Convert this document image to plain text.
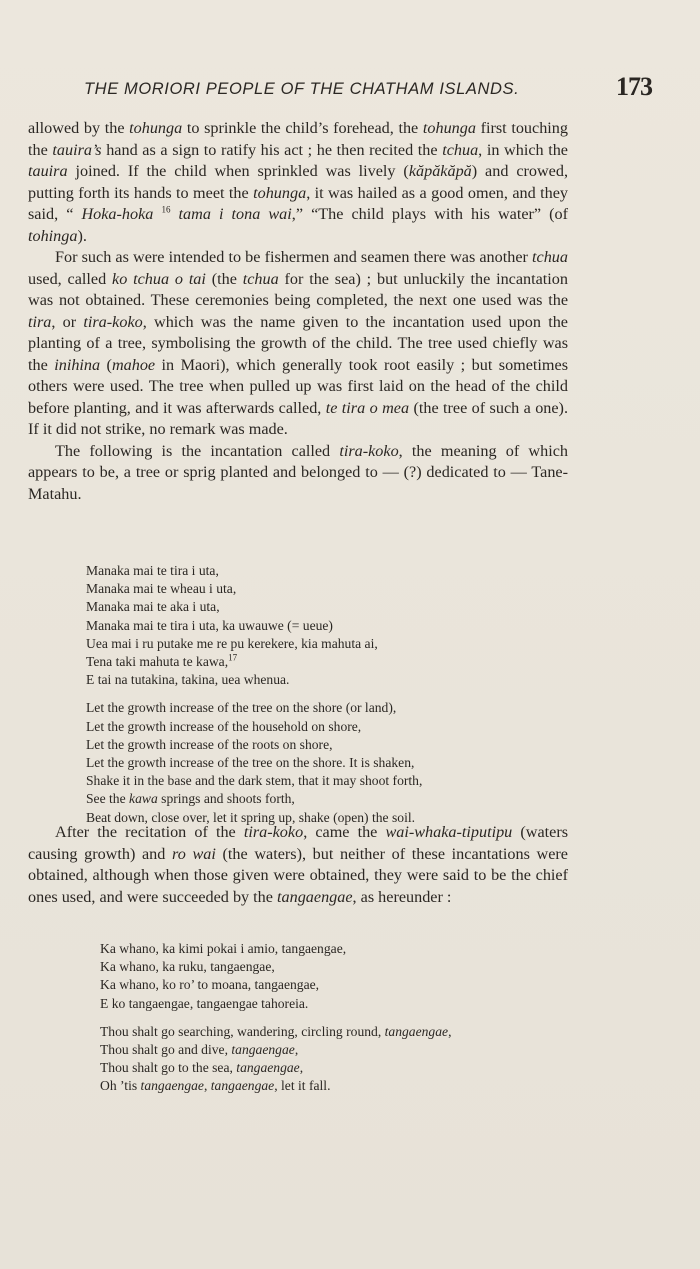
THE MORIORI PEOPLE OF THE CHATHAM ISLANDS.	173

allowed by the tohunga to sprinkle the child’s forehead, the tohunga first touching the tauira’s hand as a sign to ratify his act ; he then recited the tchua, in which the tauira joined. If the child when sprinkled was lively (kăpăkăpă) and crowed, putting forth its hands to meet the tohunga, it was hailed as a good omen, and they said, “ Hoka-hoka $^{16}$ tama i tona wai,” “The child plays with his water” (of tohinga).

For such as were intended to be fishermen and seamen there was another tchua used, called ko tchua o tai (the tchua for the sea) ; but unluckily the incantation was not obtained. These ceremonies being completed, the next one used was the tira, or tira-koko, which was the name given to the incantation used upon the planting of a tree, symbolising the growth of the child. The tree used chiefly was the inihina (mahoe in Maori), which generally took root easily ; but sometimes others were used. The tree when pulled up was first laid on the head of the child before planting, and it was afterwards called, te tira o mea (the tree of such a one). If it did not strike, no remark was made.

The following is the incantation called tira-koko, the meaning of which appears to be, a tree or sprig planted and belonged to — (?) dedicated to — Tane-Matahu.

Manaka mai te tira i uta,
Manaka mai te wheau i uta,
Manaka mai te aka i uta,
Manaka mai te tira i uta, ka uwauwe (= ueue)
Uea mai i ru putake me re pu kerekere, kia mahuta ai,
Tena taki mahuta te kawa,$^{17}$
E tai na tutakina, takina, uea whenua.
Let the growth increase of the tree on the shore (or land),
Let the growth increase of the household on shore,
Let the growth increase of the roots on shore,
Let the growth increase of the tree on the shore. It is shaken,
Shake it in the base and the dark stem, that it may shoot forth,
See the kawa springs and shoots forth,
Beat down, close over, let it spring up, shake (open) the soil.

After the recitation of the tira-koko, came the wai-whaka-tiputipu (waters causing growth) and ro wai (the waters), but neither of these incantations were obtained, although when those given were obtained, they were said to be the chief ones used, and were succeeded by the tangaengae, as hereunder :

Ka whano, ka kimi pokai i amio, tangaengae,
Ka whano, ka ruku, tangaengae,
Ka whano, ko ro’ to moana, tangaengae,
E ko tangaengae, tangaengae tahoreia.
Thou shalt go searching, wandering, circling round, tangaengae,
Thou shalt go and dive, tangaengae,
Thou shalt go to the sea, tangaengae,
Oh ’tis tangaengae, tangaengae, let it fall.
